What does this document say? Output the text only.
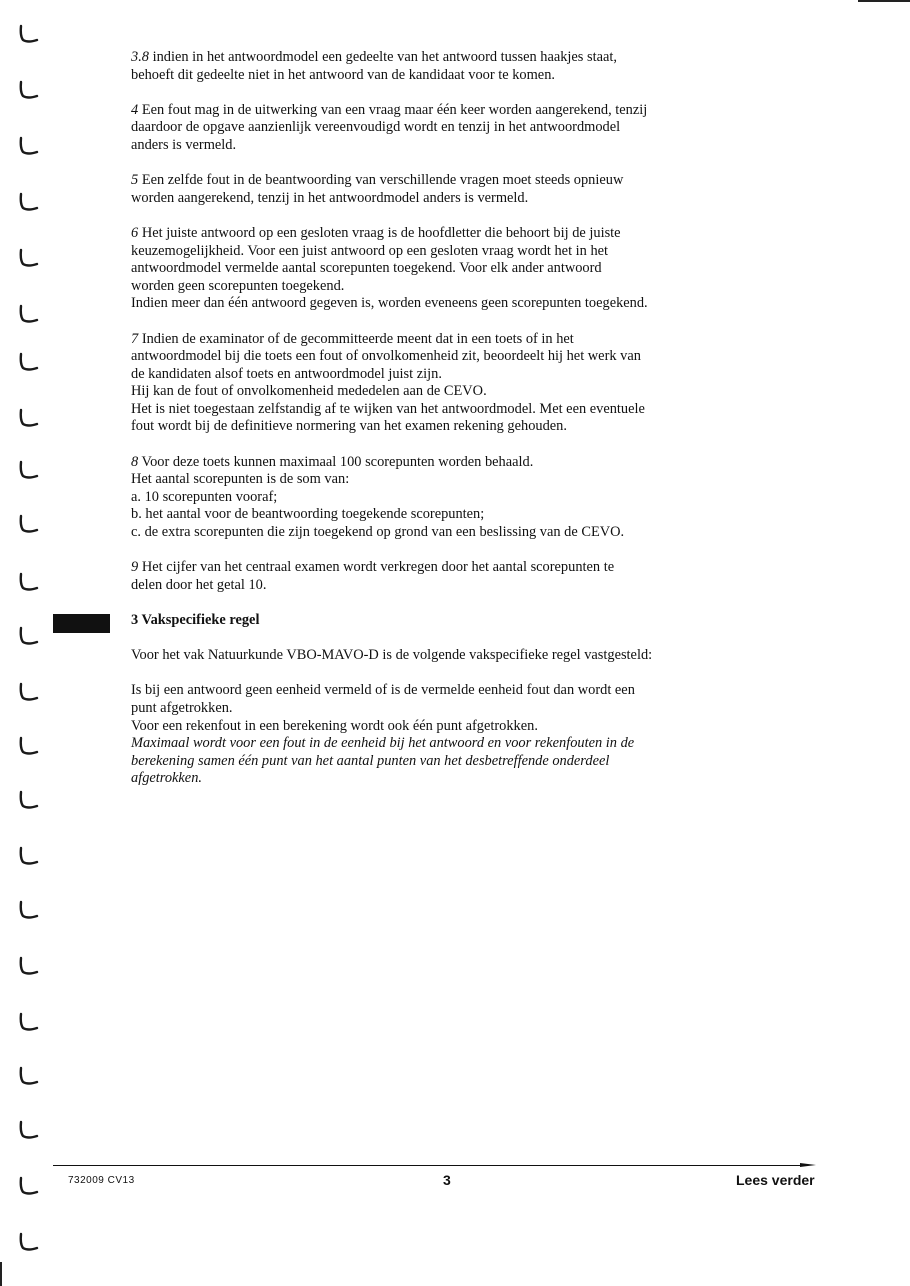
3.8 indien in het antwoordmodel een gedeelte van het antwoord tussen haakjes staat,
behoeft dit gedeelte niet in het antwoord van de kandidaat voor te komen.

4 Een fout mag in de uitwerking van een vraag maar één keer worden aangerekend, tenzij
daardoor de opgave aanzienlijk vereenvoudigd wordt en tenzij in het antwoordmodel
anders is vermeld.

5 Een zelfde fout in de beantwoording van verschillende vragen moet steeds opnieuw
worden aangerekend, tenzij in het antwoordmodel anders is vermeld.

6 Het juiste antwoord op een gesloten vraag is de hoofdletter die behoort bij de juiste
keuzemogelijkheid. Voor een juist antwoord op een gesloten vraag wordt het in het
antwoordmodel vermelde aantal scorepunten toegekend. Voor elk ander antwoord
worden geen scorepunten toegekend.
Indien meer dan één antwoord gegeven is, worden eveneens geen scorepunten toegekend.

7 Indien de examinator of de gecommitteerde meent dat in een toets of in het
antwoordmodel bij die toets een fout of onvolkomenheid zit, beoordeelt hij het werk van
de kandidaten alsof toets en antwoordmodel juist zijn.
Hij kan de fout of onvolkomenheid mededelen aan de CEVO.
Het is niet toegestaan zelfstandig af te wijken van het antwoordmodel. Met een eventuele
fout wordt bij de definitieve normering van het examen rekening gehouden.

8 Voor deze toets kunnen maximaal 100 scorepunten worden behaald.
Het aantal scorepunten is de som van:
a. 10 scorepunten vooraf;
b. het aantal voor de beantwoording toegekende scorepunten;
c. de extra scorepunten die zijn toegekend op grond van een beslissing van de CEVO.

9 Het cijfer van het centraal examen wordt verkregen door het aantal scorepunten te
delen door het getal 10.

3 Vakspecifieke regel

Voor het vak Natuurkunde VBO-MAVO-D is de volgende vakspecifieke regel vastgesteld:

Is bij een antwoord geen eenheid vermeld of is de vermelde eenheid fout dan wordt een
punt afgetrokken.
Voor een rekenfout in een berekening wordt ook één punt afgetrokken.
Maximaal wordt voor een fout in de eenheid bij het antwoord en voor rekenfouten in de
berekening samen één punt van het aantal punten van het desbetreffende onderdeel
afgetrokken.

732009 CV13	3	Lees verder
